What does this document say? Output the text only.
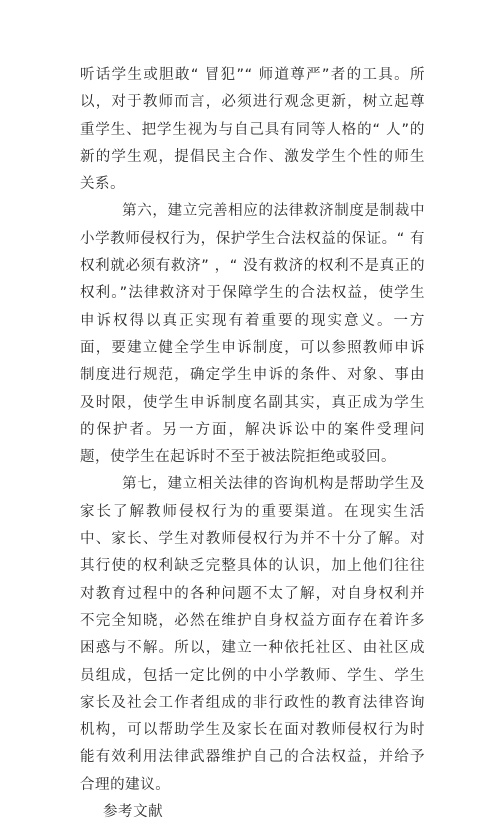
听话学生或胆敢“ 冒犯”“ 师道尊严”者的工具。所以，对于教师而言，必须进行观念更新，树立起尊重学生、把学生视为与自己具有同等人格的“ 人”的新的学生观，提倡民主合作、激发学生个性的师生关系。

第六，建立完善相应的法律救济制度是制裁中小学教师侵权行为，保护学生合法权益的保证。“ 有权利就必须有救济” ，“ 没有救济的权利不是真正的权利。”法律救济对于保障学生的合法权益，使学生申诉权得以真正实现有着重要的现实意义。一方面，要建立健全学生申诉制度，可以参照教师申诉制度进行规范，确定学生申诉的条件、对象、事由及时限，使学生申诉制度名副其实，真正成为学生的保护者。另一方面，解决诉讼中的案件受理问题，使学生在起诉时不至于被法院拒绝或驳回。

第七，建立相关法律的咨询机构是帮助学生及家长了解教师侵权行为的重要渠道。在现实生活中、家长、学生对教师侵权行为并不十分了解。对其行使的权利缺乏完整具体的认识，加上他们往往对教育过程中的各种问题不太了解，对自身权利并不完全知晓，必然在维护自身权益方面存在着许多困惑与不解。所以，建立一种依托社区、由社区成员组成，包括一定比例的中小学教师、学生、学生家长及社会工作者组成的非行政性的教育法律咨询机构，可以帮助学生及家长在面对教师侵权行为时能有效利用法律武器维护自己的合法权益，并给予合理的建议。

参考文献
